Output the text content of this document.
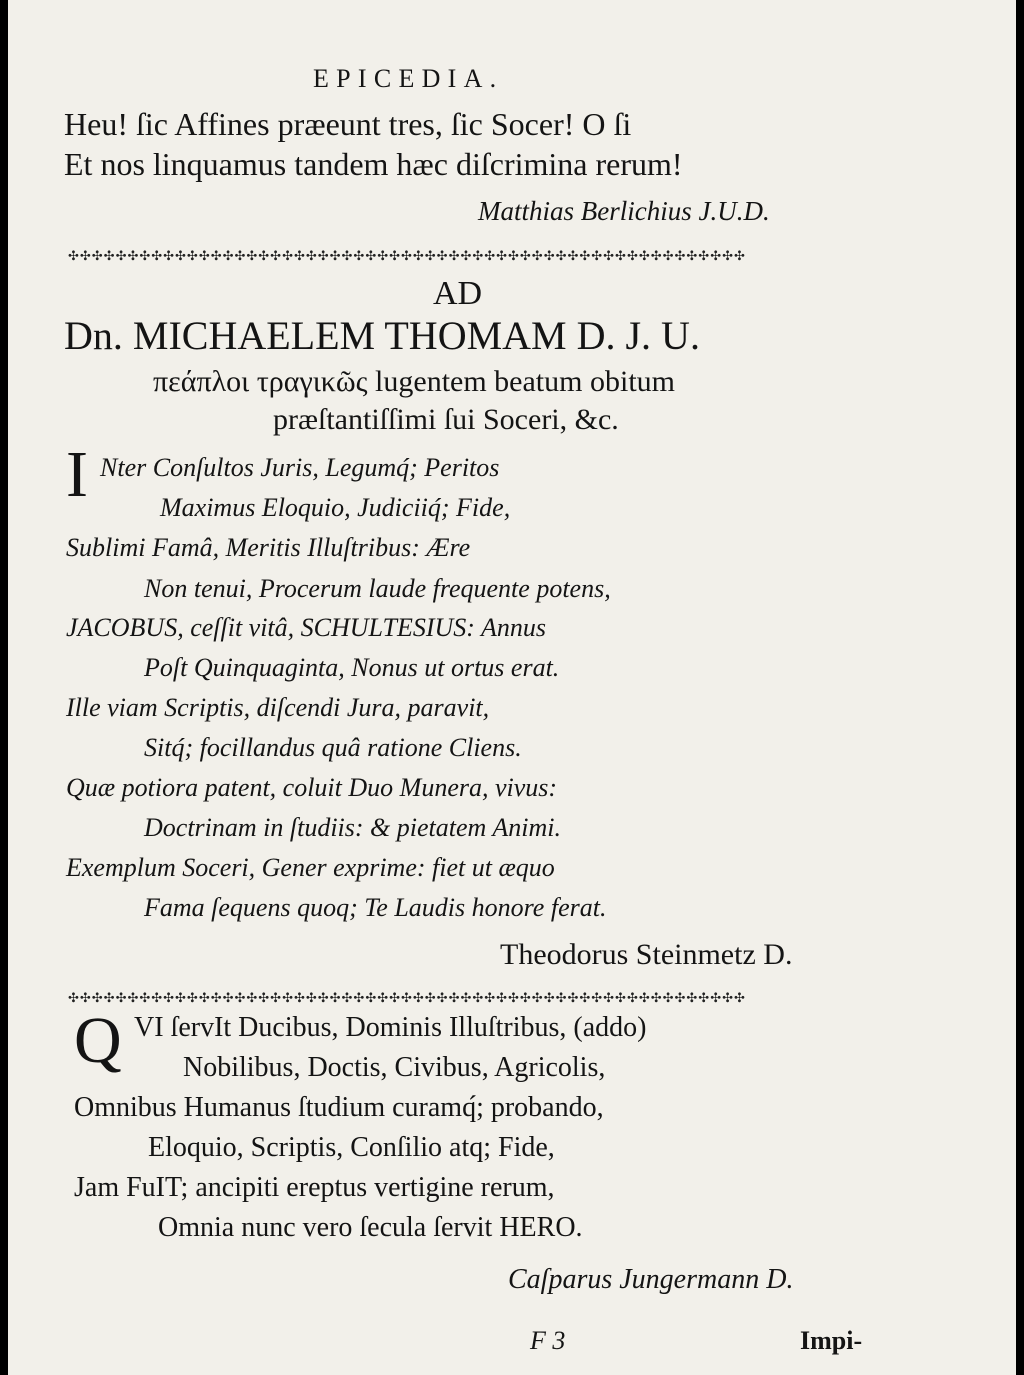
EPICEDIA.
Heu! ſic Affines præeunt tres, ſic Socer! O ſi
Et nos linquamus tandem hæc diſcrimina rerum!
Matthias Berlichius J.U.D.
✣✣✣✣✣✣✣✣✣✣✣✣✣✣✣✣✣✣✣✣✣✣✣✣✣✣✣✣✣✣✣✣✣✣✣✣✣✣✣✣✣✣✣✣✣✣✣✣✣✣✣✣✣✣✣✣✣
AD
Dn. MICHAELEM THOMAM D. J. U.
πεάπλοι τραγικῶς lugentem beatum obitum
præſtantiſſimi ſui Soceri, &c.
I Nter Conſultos Juris, Legumq́; Peritos
Maximus Eloquio, Judiciiq́; Fide,
Sublimi Famâ, Meritis Illuſtribus: Ære
Non tenui, Procerum laude frequente potens,
JACOBUS, ceſſit vitâ, SCHULTESIUS: Annus
Poſt Quinquaginta, Nonus ut ortus erat.
Ille viam Scriptis, diſcendi Jura, paravit,
Sitq́; focillandus quâ ratione Cliens.
Quæ potiora patent, coluit Duo Munera, vivus:
Doctrinam in ſtudiis: & pietatem Animi.
Exemplum Soceri, Gener exprime: fiet ut æquo
Fama ſequens quoq; Te Laudis honore ferat.
Theodorus Steinmetz D.
✣✣✣✣✣✣✣✣✣✣✣✣✣✣✣✣✣✣✣✣✣✣✣✣✣✣✣✣✣✣✣✣✣✣✣✣✣✣✣✣✣✣✣✣✣✣✣✣✣✣✣✣✣✣✣✣✣
Q VI ſervIt Ducibus, Dominis Illuſtribus, (addo)
Nobilibus, Doctis, Civibus, Agricolis,
Omnibus Humanus ſtudium curamq́; probando,
Eloquio, Scriptis, Conſilio atq; Fide,
Jam FuIT; ancipiti ereptus vertigine rerum,
Omnia nunc vero ſecula ſervit HERO.
Caſparus Jungermann D.
F 3	Impi-
